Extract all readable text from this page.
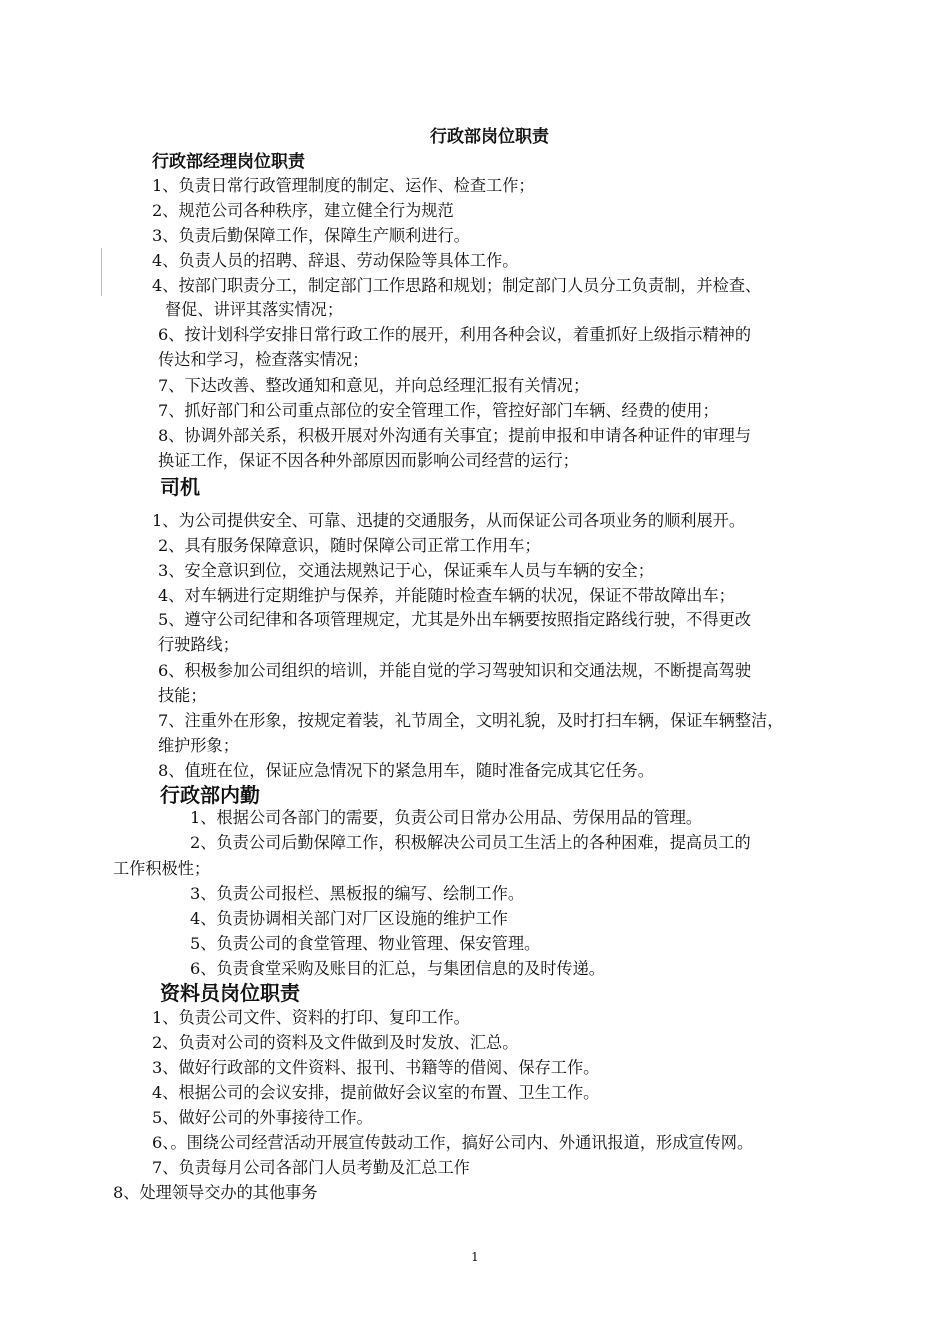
行政部岗位职责
行政部经理岗位职责
1、负责日常行政管理制度的制定、运作、检查工作；
2、规范公司各种秩序，建立健全行为规范
3、负责后勤保障工作，保障生产顺利进行。
4、负责人员的招聘、辞退、劳动保险等具体工作。
4、按部门职责分工，制定部门工作思路和规划；制定部门人员分工负责制，并检查、
督促、讲评其落实情况；
6、按计划科学安排日常行政工作的展开，利用各种会议，着重抓好上级指示精神的
传达和学习，检查落实情况；
7、下达改善、整改通知和意见，并向总经理汇报有关情况；
7、抓好部门和公司重点部位的安全管理工作，管控好部门车辆、经费的使用；
8、协调外部关系，积极开展对外沟通有关事宜；提前申报和申请各种证件的审理与
换证工作，保证不因各种外部原因而影响公司经营的运行；
司机
1、为公司提供安全、可靠、迅捷的交通服务，从而保证公司各项业务的顺利展开。
2、具有服务保障意识，随时保障公司正常工作用车；
3、安全意识到位，交通法规熟记于心，保证乘车人员与车辆的安全；
4、对车辆进行定期维护与保养，并能随时检查车辆的状况，保证不带故障出车；
5、遵守公司纪律和各项管理规定，尤其是外出车辆要按照指定路线行驶，不得更改
行驶路线；
6、积极参加公司组织的培训，并能自觉的学习驾驶知识和交通法规，不断提高驾驶
技能；
7、注重外在形象，按规定着装，礼节周全，文明礼貌，及时打扫车辆，保证车辆整洁，
维护形象；
8、值班在位，保证应急情况下的紧急用车，随时准备完成其它任务。
行政部内勤
1、根据公司各部门的需要，负责公司日常办公用品、劳保用品的管理。
2、负责公司后勤保障工作，积极解决公司员工生活上的各种困难，提高员工的
工作积极性；
3、负责公司报栏、黑板报的编写、绘制工作。
4、负责协调相关部门对厂区设施的维护工作
5、负责公司的食堂管理、物业管理、保安管理。
6、负责食堂采购及账目的汇总，与集团信息的及时传递。
资料员岗位职责
1、负责公司文件、资料的打印、复印工作。
2、负责对公司的资料及文件做到及时发放、汇总。
3、做好行政部的文件资料、报刊、书籍等的借阅、保存工作。
4、根据公司的会议安排，提前做好会议室的布置、卫生工作。
5、做好公司的外事接待工作。
6、。围绕公司经营活动开展宣传鼓动工作，搞好公司内、外通讯报道，形成宣传网。
7、负责每月公司各部门人员考勤及汇总工作
8、处理领导交办的其他事务
1
